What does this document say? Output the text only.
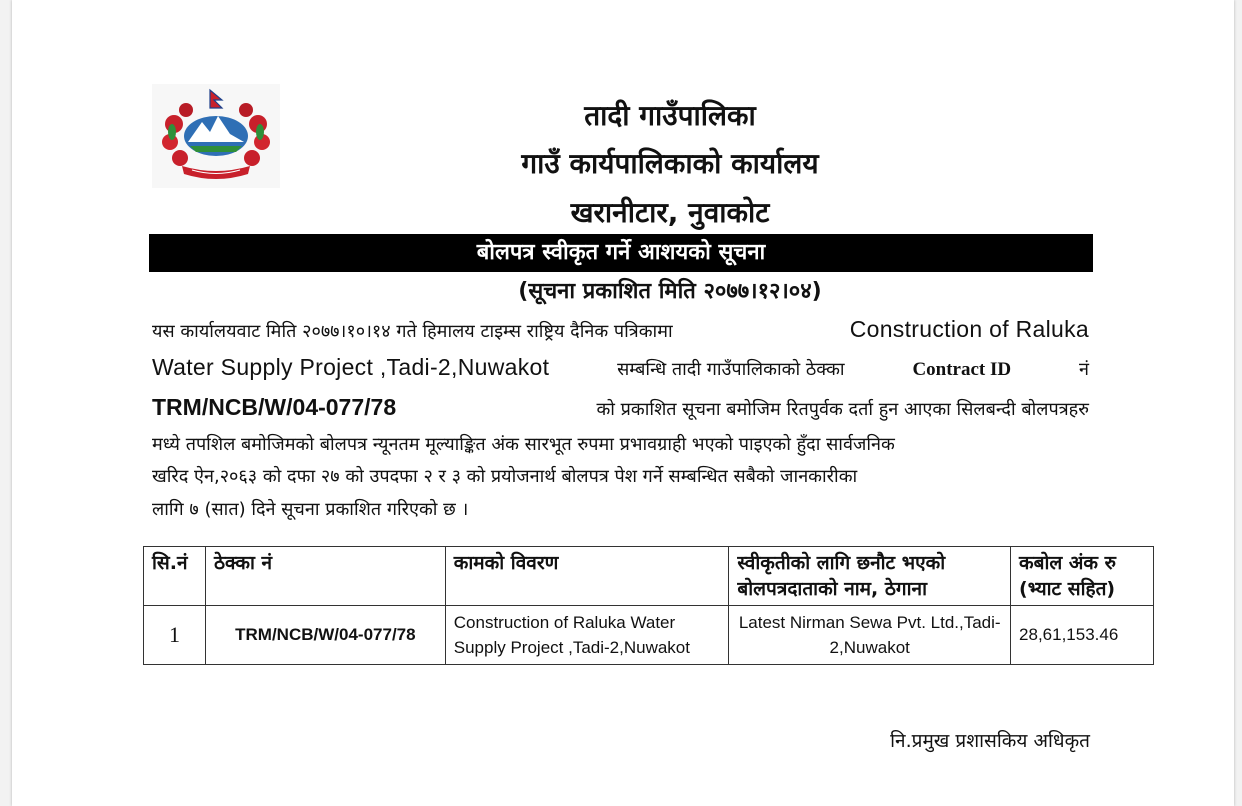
तादी गाउँपालिका
गाउँ कार्यपालिकाको कार्यालय
खरानीटार, नुवाकोट
बोलपत्र स्वीकृत गर्ने आशयको सूचना
(सूचना प्रकाशित मिति २०७७।१२।०४)
यस कार्यालयवाट मिति २०७७।१०।१४ गते हिमालय टाइम्स राष्ट्रिय दैनिक पत्रिकामा	Construction of Raluka
Water Supply Project ,Tadi-2,Nuwakot	सम्बन्धि तादी गाउँपालिकाको ठेक्का	Contract ID	नं
TRM/NCB/W/04-077/78	को प्रकाशित सूचना बमोजिम रितपुर्वक दर्ता हुन आएका सिलबन्दी बोलपत्रहरु
मध्ये तपशिल बमोजिमको बोलपत्र न्यूनतम मूल्याङ्कित अंक सारभूत रुपमा प्रभावग्राही भएको पाइएको हुँदा सार्वजनिक
खरिद ऐन,२०६३ को दफा २७ को उपदफा २ र ३ को प्रयोजनार्थ बोलपत्र पेश गर्ने सम्बन्धित सबैको जानकारीका
लागि ७ (सात) दिने सूचना प्रकाशित गरिएको छ ।
सि.नं	ठेक्का नं	कामको विवरण	स्वीकृतीको लागि छनौट भएको बोलपत्रदाताको नाम, ठेगाना	कबोल अंक रु (भ्याट सहित)
1	TRM/NCB/W/04-077/78	Construction of Raluka Water Supply Project ,Tadi-2,Nuwakot	Latest Nirman Sewa Pvt. Ltd.,Tadi-2,Nuwakot	28,61,153.46
नि.प्रमुख प्रशासकिय अधिकृत
